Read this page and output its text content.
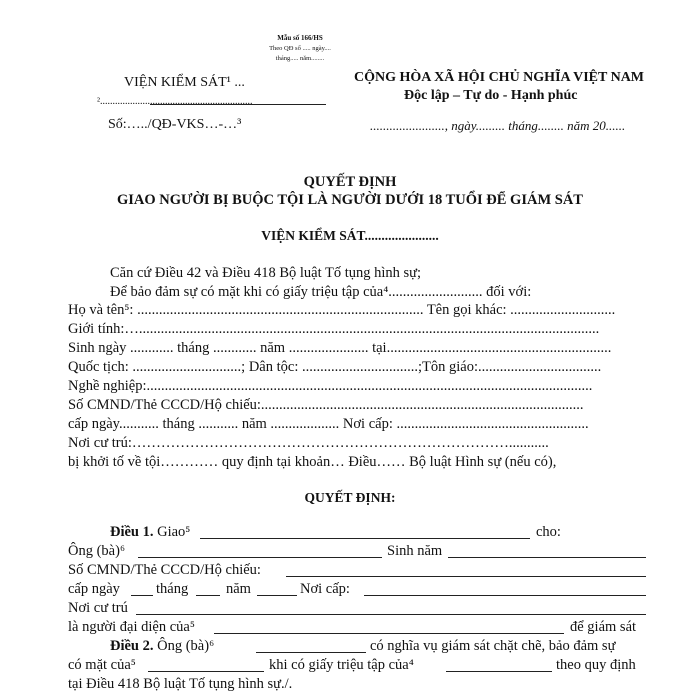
Mẫu số 166/HS
Theo QĐ số ..... ngày....
tháng..... năm........
VIỆN KIỂM SÁT¹ ...
².............................................................
Số:…../QĐ-VKS…-…³
CỘNG HÒA XÃ HỘI CHỦ NGHĨA VIỆT NAM
Độc lập – Tự do - Hạnh phúc
......................., ngày......... tháng........ năm 20......
QUYẾT ĐỊNH
GIAO NGƯỜI BỊ BUỘC TỘI LÀ NGƯỜI DƯỚI 18 TUỔI ĐỂ GIÁM SÁT
VIỆN KIỂM SÁT......................
Căn cứ Điều 42 và Điều 418 Bộ luật Tố tụng hình sự;
Để bảo đảm sự có mặt khi có giấy triệu tập của⁴.......................... đối với:
Họ và tên⁵: ............................................................................... Tên gọi khác: .............................
Giới tính:…...............................................................................................................................
Sinh ngày ............ tháng ............ năm ...................... tại..............................................................
Quốc tịch: ..............................; Dân tộc: ................................;Tôn giáo:..................................
Nghề nghiệp:...........................................................................................................................
Số CMND/Thẻ CCCD/Hộ chiếu:.........................................................................................
cấp ngày........... tháng ........... năm ................... Nơi cấp: .....................................................
Nơi cư trú:……………………………………………………………………...........
bị khởi tố về tội………… quy định tại khoản… Điều…… Bộ luật Hình sự (nếu có),
QUYẾT ĐỊNH:
Điều 1. Giao⁵	cho:
Ông (bà)⁶	Sinh năm
Số CMND/Thẻ CCCD/Hộ chiếu:
cấp ngày tháng	năm	Nơi cấp:
Nơi cư trú
là người đại diện của⁵	để giám sát
Điều 2. Ông (bà)⁶	có nghĩa vụ giám sát chặt chẽ, bảo đảm sự
có mặt của⁵	khi có giấy triệu tập của⁴	theo quy định
tại Điều 418 Bộ luật Tố tụng hình sự./.
